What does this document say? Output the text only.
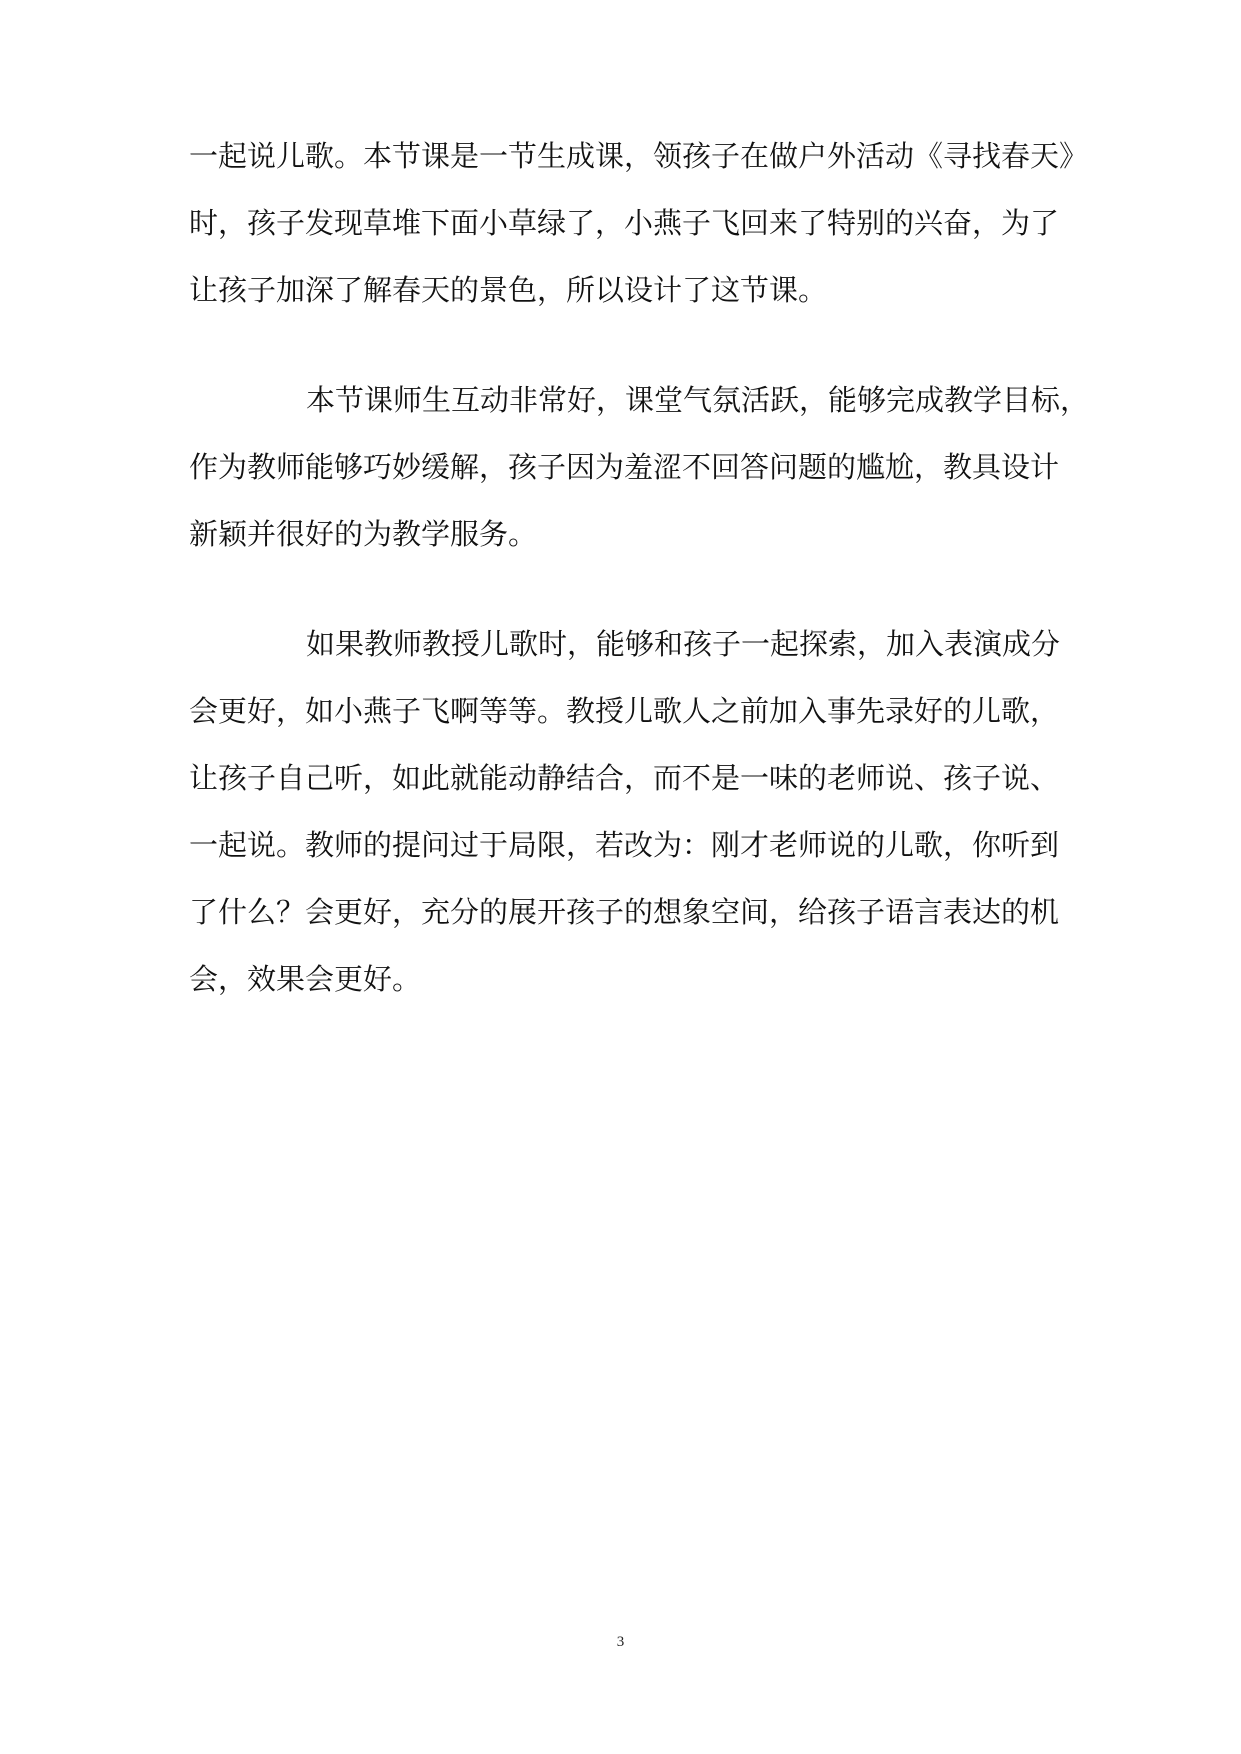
一起说儿歌。本节课是一节生成课，领孩子在做户外活动《寻找春天》
时，孩子发现草堆下面小草绿了，小燕子飞回来了特别的兴奋，为了
让孩子加深了解春天的景色，所以设计了这节课。
本节课师生互动非常好，课堂气氛活跃，能够完成教学目标，
作为教师能够巧妙缓解，孩子因为羞涩不回答问题的尴尬，教具设计
新颖并很好的为教学服务。
如果教师教授儿歌时，能够和孩子一起探索，加入表演成分
会更好，如小燕子飞啊等等。教授儿歌人之前加入事先录好的儿歌，
让孩子自己听，如此就能动静结合，而不是一味的老师说、孩子说、
一起说。教师的提问过于局限，若改为：刚才老师说的儿歌，你听到
了什么？会更好，充分的展开孩子的想象空间，给孩子语言表达的机
会，效果会更好。
3
